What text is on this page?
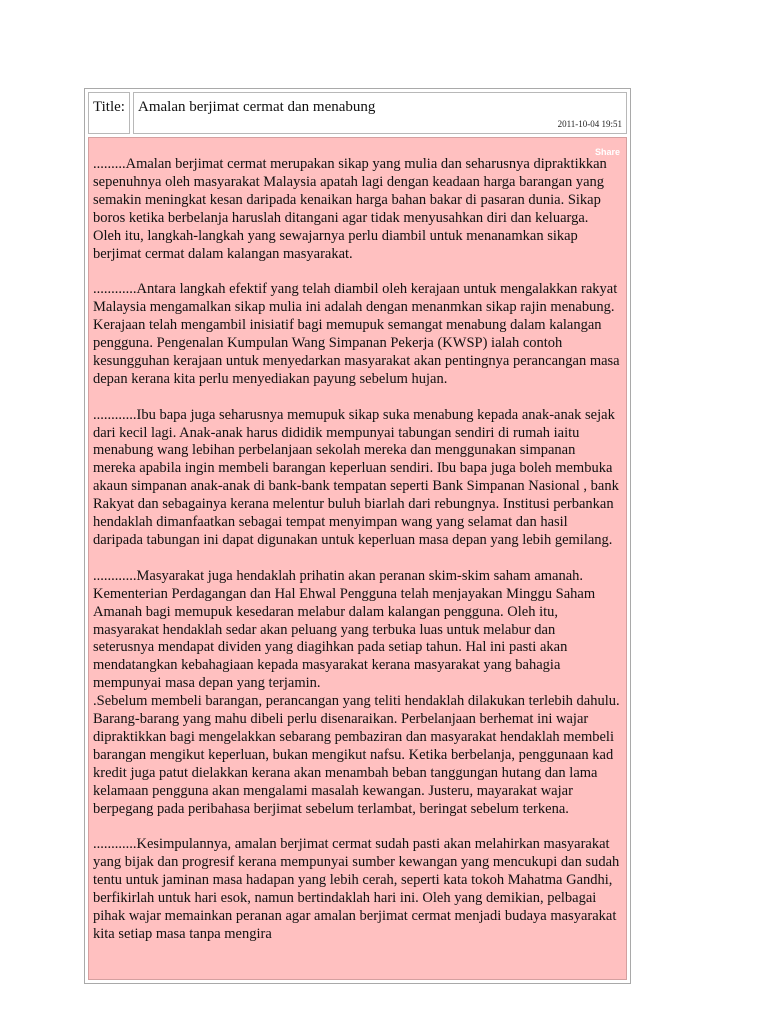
Title: Amalan berjimat cermat dan menabung
2011-10-04 19:51
Share

.........Amalan berjimat cermat merupakan sikap yang mulia dan seharusnya dipraktikkan sepenuhnya oleh masyarakat Malaysia apatah lagi dengan keadaan harga barangan yang semakin meningkat kesan daripada kenaikan harga bahan bakar di pasaran dunia. Sikap boros ketika berbelanja haruslah ditangani agar tidak menyusahkan diri dan keluarga. Oleh itu, langkah-langkah yang sewajarnya perlu diambil untuk menanamkan sikap berjimat cermat dalam kalangan masyarakat.

............Antara langkah efektif yang telah diambil oleh kerajaan untuk mengalakkan rakyat Malaysia mengamalkan sikap mulia ini adalah dengan menanmkan sikap rajin menabung. Kerajaan telah mengambil inisiatif bagi memupuk semangat menabung dalam kalangan pengguna. Pengenalan Kumpulan Wang Simpanan Pekerja (KWSP) ialah contoh kesungguhan kerajaan untuk menyedarkan masyarakat akan pentingnya perancangan masa depan kerana kita perlu menyediakan payung sebelum hujan.

............Ibu bapa juga seharusnya memupuk sikap suka menabung kepada anak-anak sejak dari kecil lagi. Anak-anak harus dididik mempunyai tabungan sendiri di rumah iaitu menabung wang lebihan perbelanjaan sekolah mereka dan menggunakan simpanan mereka apabila ingin membeli barangan keperluan sendiri. Ibu bapa juga boleh membuka akaun simpanan anak-anak di bank-bank tempatan seperti Bank Simpanan Nasional , bank Rakyat dan sebagainya kerana melentur buluh biarlah dari rebungnya. Institusi perbankan hendaklah dimanfaatkan sebagai tempat menyimpan wang yang selamat dan hasil daripada tabungan ini dapat digunakan untuk keperluan masa depan yang lebih gemilang.

............Masyarakat juga hendaklah prihatin akan peranan skim-skim saham amanah. Kementerian Perdagangan dan Hal Ehwal Pengguna telah menjayakan Minggu Saham Amanah bagi memupuk kesedaran melabur dalam kalangan pengguna. Oleh itu, masyarakat hendaklah sedar akan peluang yang terbuka luas untuk melabur dan seterusnya mendapat dividen yang diagihkan pada setiap tahun. Hal ini pasti akan mendatangkan kebahagiaan kepada masyarakat kerana masyarakat yang bahagia mempunyai masa depan yang terjamin.

.Sebelum membeli barangan, perancangan yang teliti hendaklah dilakukan terlebih dahulu. Barang-barang yang mahu dibeli perlu disenaraikan. Perbelanjaan berhemat ini wajar dipraktikkan bagi mengelakkan sebarang pembaziran dan masyarakat hendaklah membeli barangan mengikut keperluan, bukan mengikut nafsu. Ketika berbelanja, penggunaan kad kredit juga patut dielakkan kerana akan menambah beban tanggungan hutang dan lama kelamaan pengguna akan mengalami masalah kewangan. Justeru, mayarakat wajar berpegang pada peribahasa berjimat sebelum terlambat, beringat sebelum terkena.

............Kesimpulannya, amalan berjimat cermat sudah pasti akan melahirkan masyarakat yang bijak dan progresif kerana mempunyai sumber kewangan yang mencukupi dan sudah tentu untuk jaminan masa hadapan yang lebih cerah, seperti kata tokoh Mahatma Gandhi, berfikirlah untuk hari esok, namun bertindaklah hari ini. Oleh yang demikian, pelbagai pihak wajar memainkan peranan agar amalan berjimat cermat menjadi budaya masyarakat kita setiap masa tanpa mengira
